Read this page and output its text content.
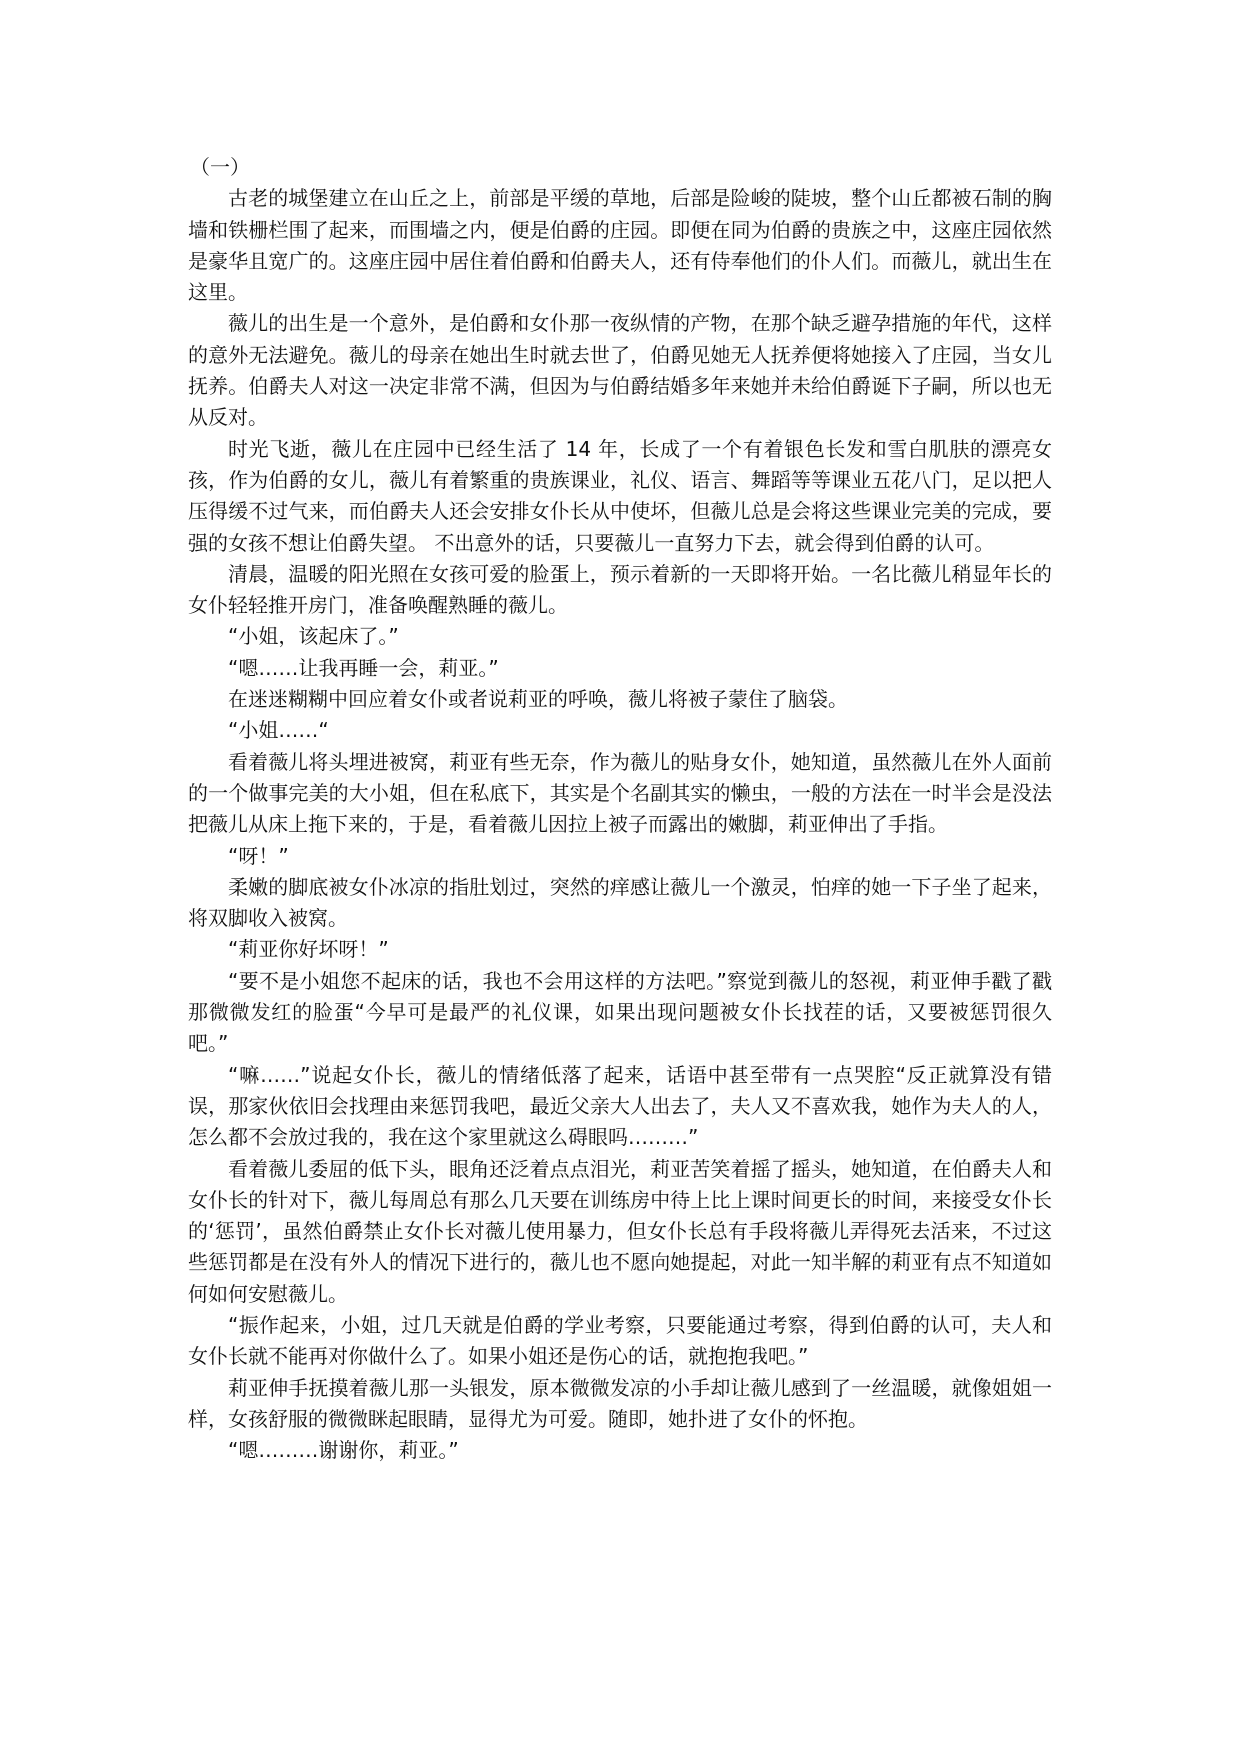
（一）

古老的城堡建立在山丘之上，前部是平缓的草地，后部是险峻的陡坡，整个山丘都被石制的胸墙和铁栅栏围了起来，而围墙之内，便是伯爵的庄园。即便在同为伯爵的贵族之中，这座庄园依然是豪华且宽广的。这座庄园中居住着伯爵和伯爵夫人，还有侍奉他们的仆人们。而薇儿，就出生在这里。

薇儿的出生是一个意外，是伯爵和女仆那一夜纵情的产物，在那个缺乏避孕措施的年代，这样的意外无法避免。薇儿的母亲在她出生时就去世了，伯爵见她无人抚养便将她接入了庄园，当女儿抚养。伯爵夫人对这一决定非常不满，但因为与伯爵结婚多年来她并未给伯爵诞下子嗣，所以也无从反对。

时光飞逝，薇儿在庄园中已经生活了 14 年，长成了一个有着银色长发和雪白肌肤的漂亮女孩，作为伯爵的女儿，薇儿有着繁重的贵族课业，礼仪、语言、舞蹈等等课业五花八门，足以把人压得缓不过气来，而伯爵夫人还会安排女仆长从中使坏，但薇儿总是会将这些课业完美的完成，要强的女孩不想让伯爵失望。 不出意外的话，只要薇儿一直努力下去，就会得到伯爵的认可。

清晨，温暖的阳光照在女孩可爱的脸蛋上，预示着新的一天即将开始。一名比薇儿稍显年长的女仆轻轻推开房门，准备唤醒熟睡的薇儿。

“小姐，该起床了。”

“嗯……让我再睡一会，莉亚。”

在迷迷糊糊中回应着女仆或者说莉亚的呼唤，薇儿将被子蒙住了脑袋。

“小姐……“

看着薇儿将头埋进被窝，莉亚有些无奈，作为薇儿的贴身女仆，她知道，虽然薇儿在外人面前的一个做事完美的大小姐，但在私底下，其实是个名副其实的懒虫，一般的方法在一时半会是没法把薇儿从床上拖下来的，于是，看着薇儿因拉上被子而露出的嫩脚，莉亚伸出了手指。

“呀！”

柔嫩的脚底被女仆冰凉的指肚划过，突然的痒感让薇儿一个激灵，怕痒的她一下子坐了起来，将双脚收入被窝。

“莉亚你好坏呀！”

“要不是小姐您不起床的话，我也不会用这样的方法吧。”察觉到薇儿的怒视，莉亚伸手戳了戳那微微发红的脸蛋“今早可是最严的礼仪课，如果出现问题被女仆长找茬的话，又要被惩罚很久吧。”

“嘛……”说起女仆长，薇儿的情绪低落了起来，话语中甚至带有一点哭腔“反正就算没有错误，那家伙依旧会找理由来惩罚我吧，最近父亲大人出去了，夫人又不喜欢我，她作为夫人的人，怎么都不会放过我的，我在这个家里就这么碍眼吗………”

看着薇儿委屈的低下头，眼角还泛着点点泪光，莉亚苦笑着摇了摇头，她知道，在伯爵夫人和女仆长的针对下，薇儿每周总有那么几天要在训练房中待上比上课时间更长的时间，来接受女仆长的‘惩罚’，虽然伯爵禁止女仆长对薇儿使用暴力，但女仆长总有手段将薇儿弄得死去活来，不过这些惩罚都是在没有外人的情况下进行的，薇儿也不愿向她提起，对此一知半解的莉亚有点不知道如何如何安慰薇儿。

“振作起来，小姐，过几天就是伯爵的学业考察，只要能通过考察，得到伯爵的认可，夫人和女仆长就不能再对你做什么了。如果小姐还是伤心的话，就抱抱我吧。”

莉亚伸手抚摸着薇儿那一头银发，原本微微发凉的小手却让薇儿感到了一丝温暖，就像姐姐一样，女孩舒服的微微眯起眼睛，显得尤为可爱。随即，她扑进了女仆的怀抱。

“嗯………谢谢你，莉亚。”
